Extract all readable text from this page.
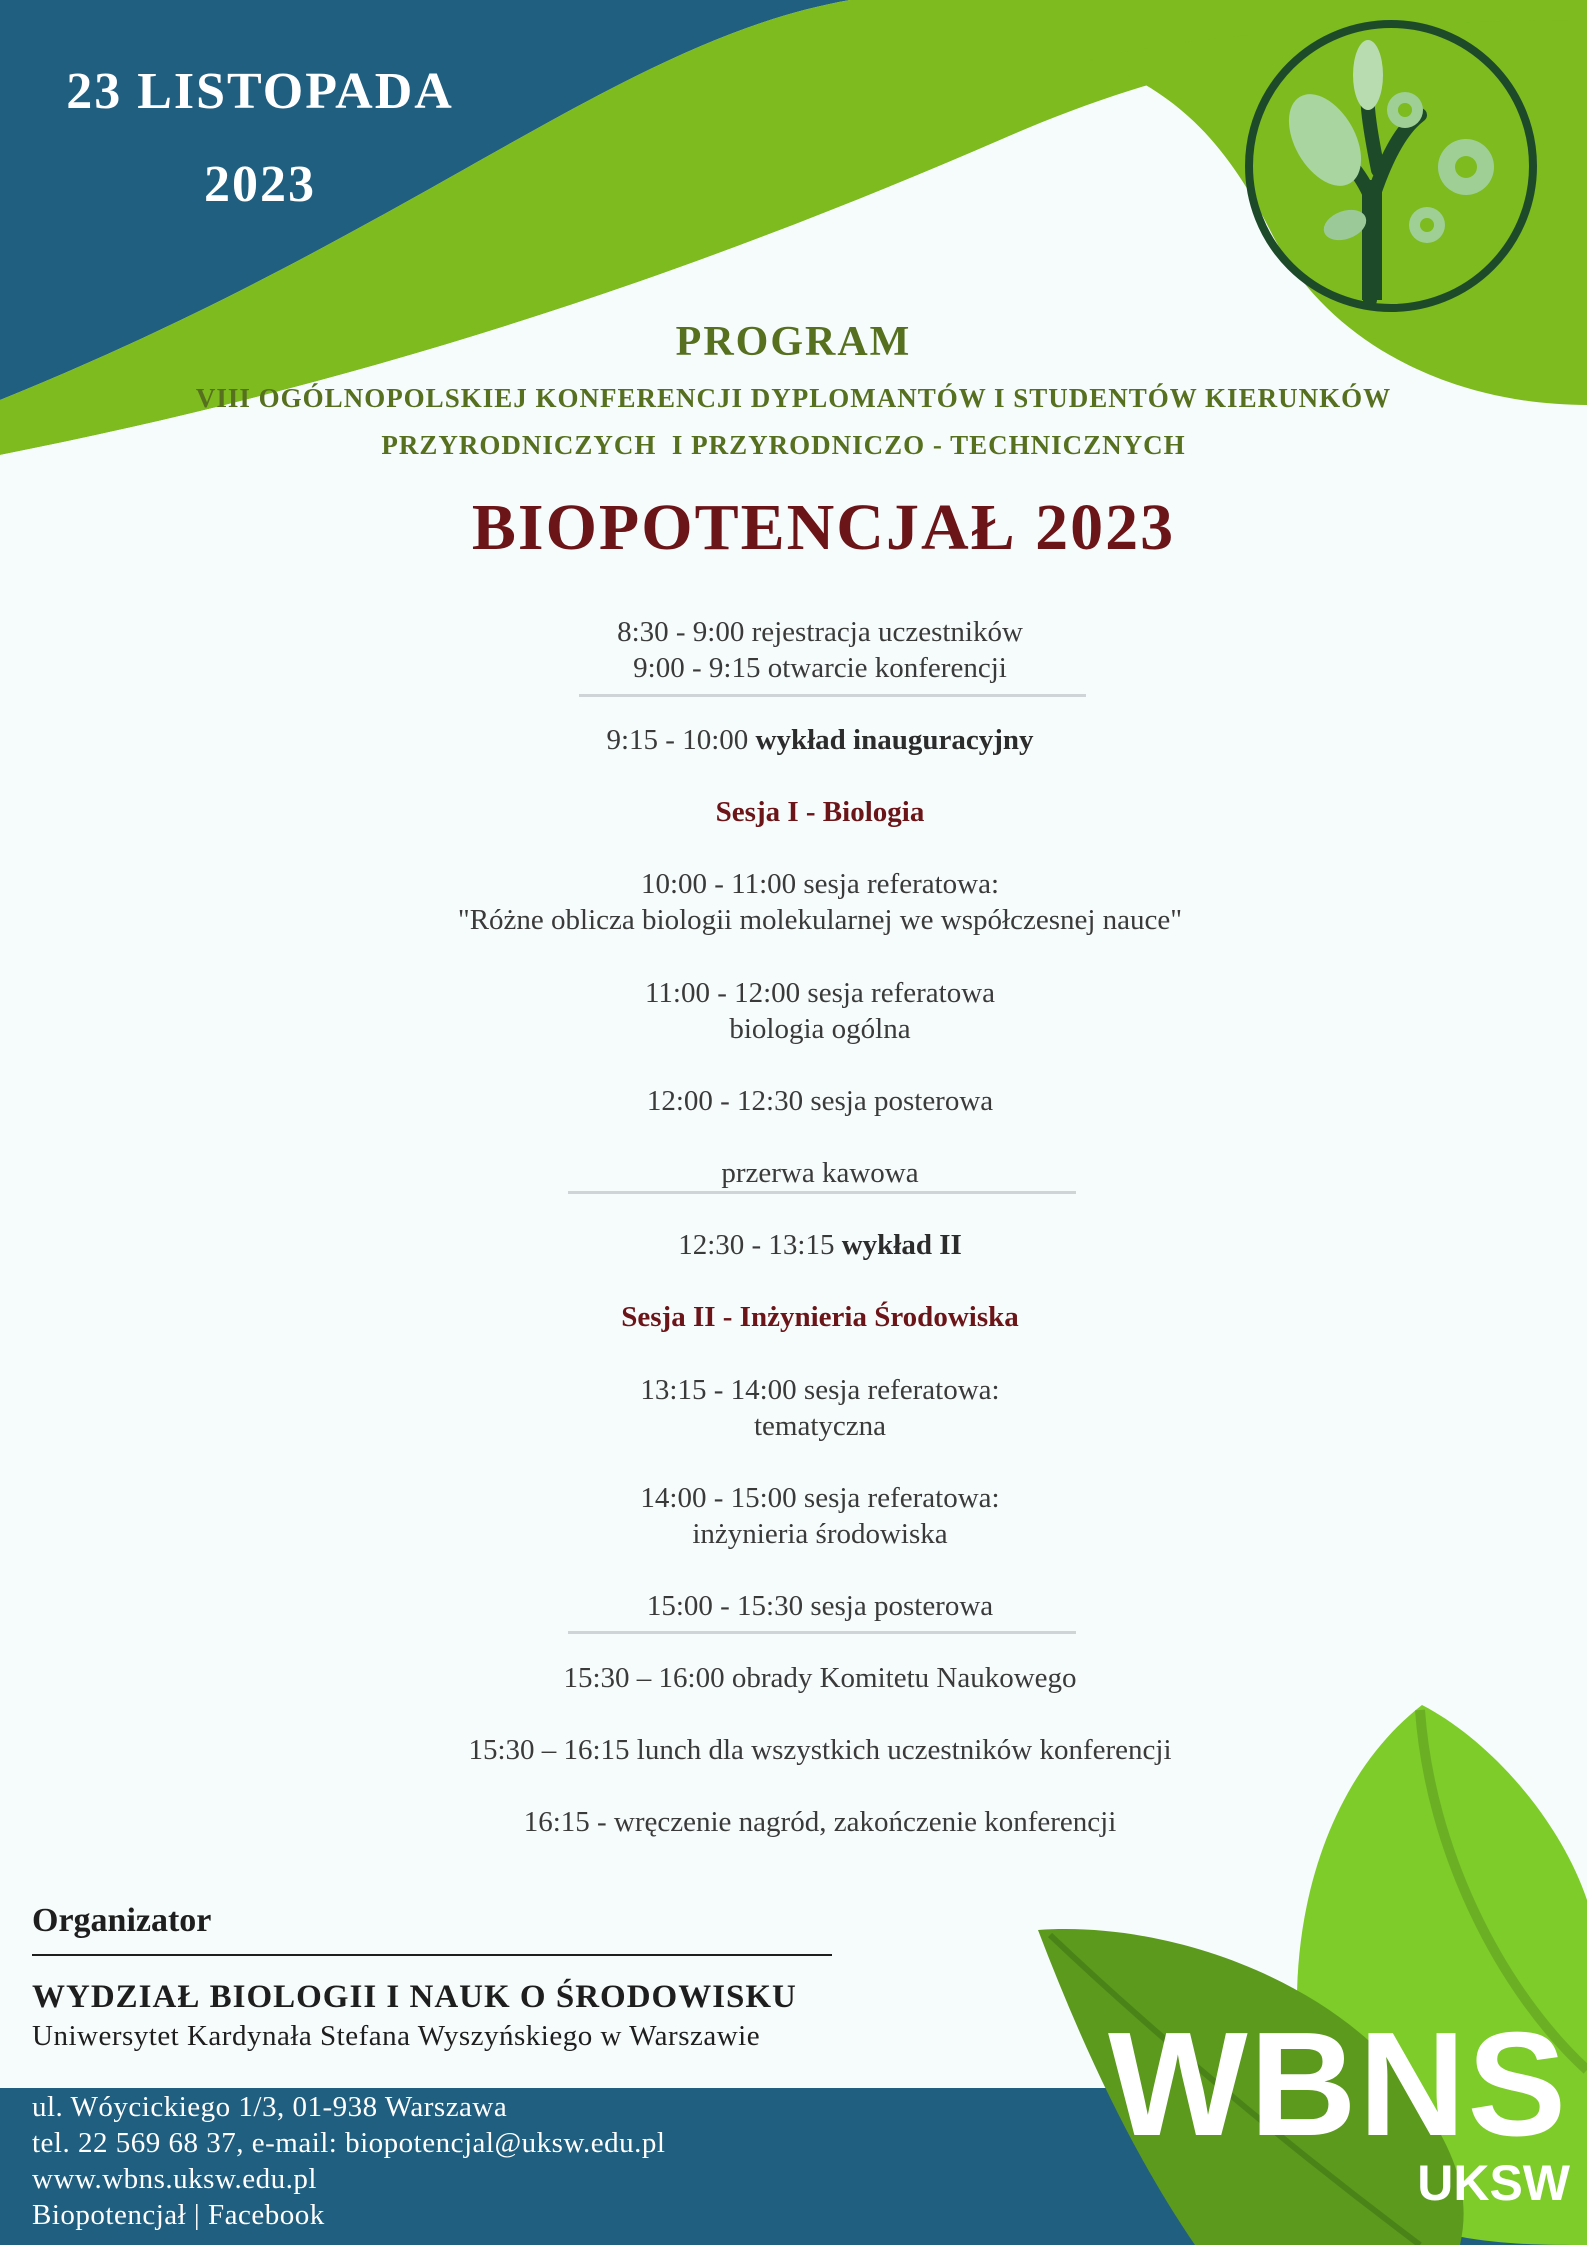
23 LISTOPADA
2023
PROGRAM
VIII OGÓLNOPOLSKIEJ KONFERENCJI DYPLOMANTÓW I STUDENTÓW KIERUNKÓW
PRZYRODNICZYCH  I PRZYRODNICZO - TECHNICZNYCH
BIOPOTENCJAŁ 2023
8:30 - 9:00 rejestracja uczestników
9:00 - 9:15 otwarcie konferencji
9:15 - 10:00 wykład inauguracyjny
Sesja I - Biologia
10:00 - 11:00 sesja referatowa:
"Różne oblicza biologii molekularnej we współczesnej nauce"
11:00 - 12:00 sesja referatowa
biologia ogólna
12:00 - 12:30 sesja posterowa
przerwa kawowa
12:30 - 13:15 wykład II
Sesja II - Inżynieria Środowiska
13:15 - 14:00 sesja referatowa:
tematyczna
14:00 - 15:00 sesja referatowa:
inżynieria środowiska
15:00 - 15:30 sesja posterowa
15:30 – 16:00 obrady Komitetu Naukowego
15:30 – 16:15 lunch dla wszystkich uczestników konferencji
16:15 - wręczenie nagród, zakończenie konferencji
Organizator
WYDZIAŁ BIOLOGII I NAUK O ŚRODOWISKU
Uniwersytet Kardynała Stefana Wyszyńskiego w Warszawie
ul. Wóycickiego 1/3, 01-938 Warszawa
tel. 22 569 68 37, e-mail: biopotencjal@uksw.edu.pl
www.wbns.uksw.edu.pl
Biopotencjał | Facebook
WBNS
UKSW
